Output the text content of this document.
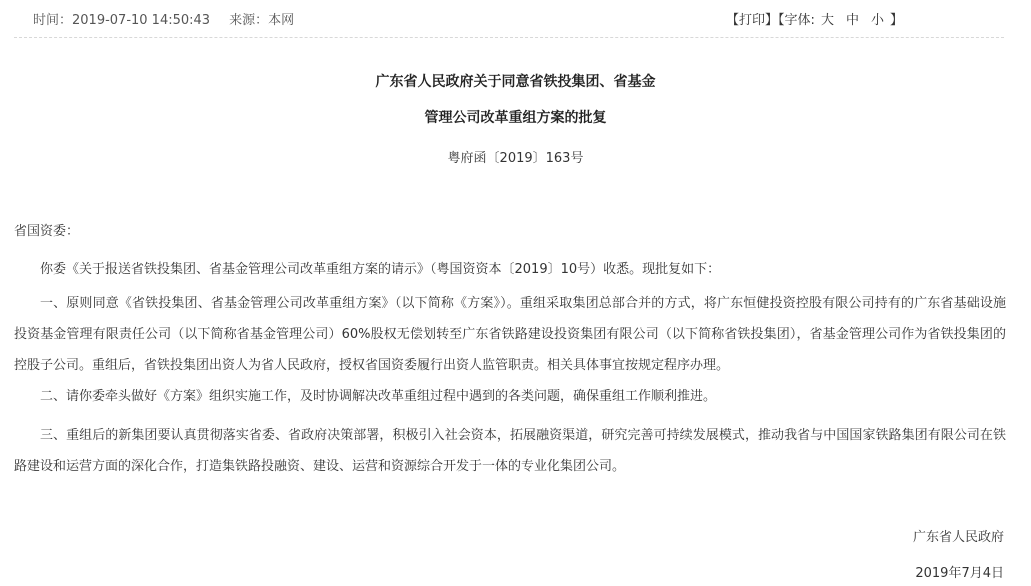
时间：2019-07-10 14:50:43 来源：本网	【打印】【字体: 大 中 小 】
广东省人民政府关于同意省铁投集团、省基金
管理公司改革重组方案的批复
粤府函〔2019〕163号
省国资委：

你委《关于报送省铁投集团、省基金管理公司改革重组方案的请示》（粤国资资本〔2019〕10号）收悉。现批复如下：

一、原则同意《省铁投集团、省基金管理公司改革重组方案》（以下简称《方案》）。重组采取集团总部合并的方式，将广东恒健投资控股有限公司持有的广东省基础设施投资基金管理有限责任公司（以下简称省基金管理公司）60%股权无偿划转至广东省铁路建设投资集团有限公司（以下简称省铁投集团），省基金管理公司作为省铁投集团的控股子公司。重组后，省铁投集团出资人为省人民政府，授权省国资委履行出资人监管职责。相关具体事宜按规定程序办理。

二、请你委牵头做好《方案》组织实施工作，及时协调解决改革重组过程中遇到的各类问题，确保重组工作顺利推进。

三、重组后的新集团要认真贯彻落实省委、省政府决策部署，积极引入社会资本，拓展融资渠道，研究完善可持续发展模式，推动我省与中国国家铁路集团有限公司在铁路建设和运营方面的深化合作，打造集铁路投融资、建设、运营和资源综合开发于一体的专业化集团公司。

广东省人民政府
2019年7月4日
